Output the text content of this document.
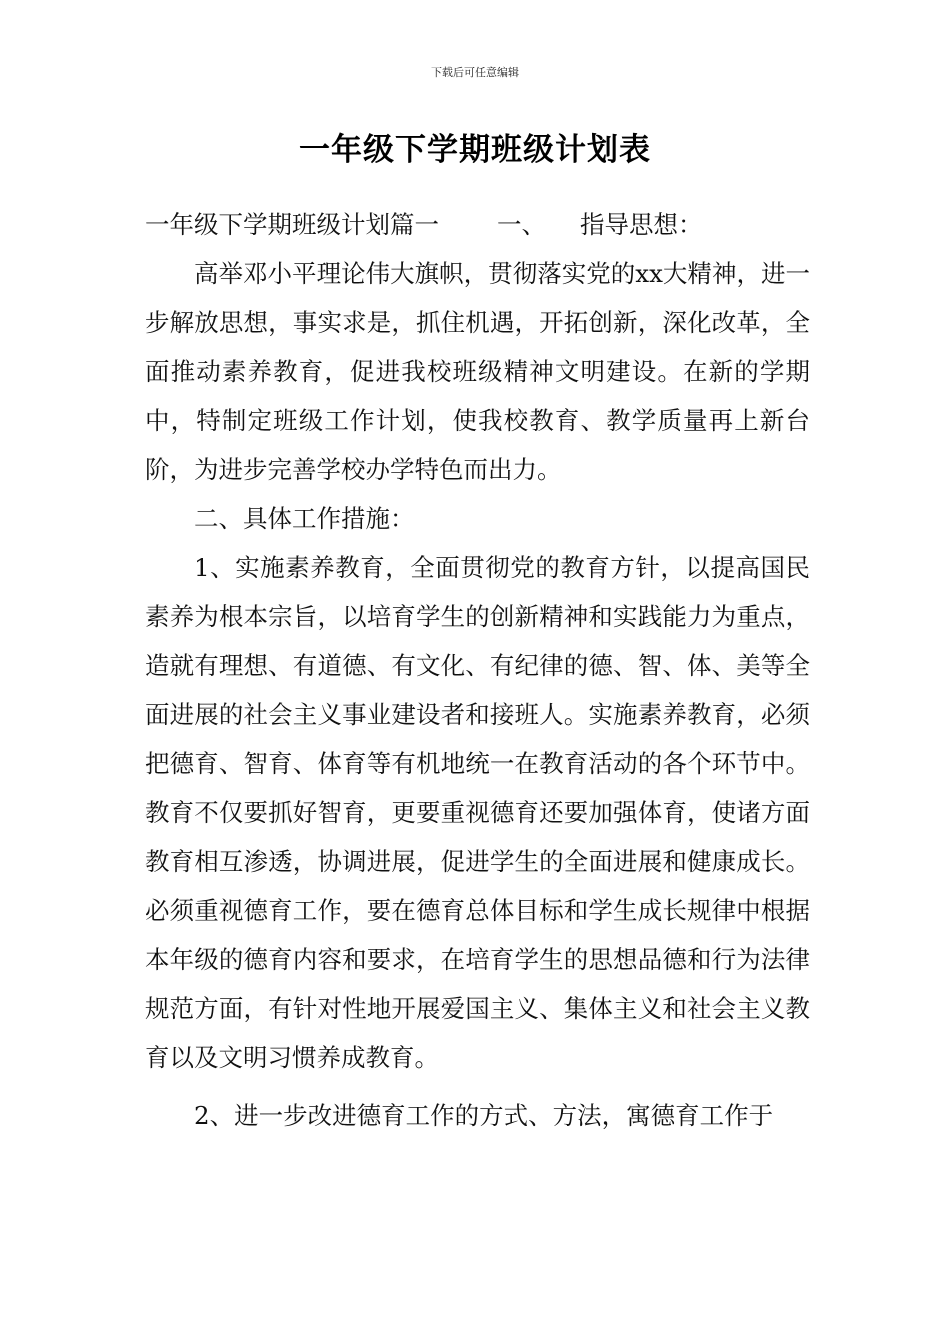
下载后可任意编辑
一年级下学期班级计划表

一年级下学期班级计划篇一 一、 指导思想：

高举邓小平理论伟大旗帜，贯彻落实党的xx大精神，进一步解放思想，事实求是，抓住机遇，开拓创新，深化改革，全面推动素养教育，促进我校班级精神文明建设。在新的学期中，特制定班级工作计划，使我校教育、教学质量再上新台阶，为进步完善学校办学特色而出力。

二、具体工作措施：

1、实施素养教育，全面贯彻党的教育方针，以提高国民素养为根本宗旨，以培育学生的创新精神和实践能力为重点，造就有理想、有道德、有文化、有纪律的德、智、体、美等全面进展的社会主义事业建设者和接班人。实施素养教育，必须把德育、智育、体育等有机地统一在教育活动的各个环节中。教育不仅要抓好智育，更要重视德育还要加强体育，使诸方面教育相互渗透，协调进展，促进学生的全面进展和健康成长。必须重视德育工作，要在德育总体目标和学生成长规律中根据本年级的德育内容和要求，在培育学生的思想品德和行为法律规范方面，有针对性地开展爱国主义、集体主义和社会主义教育以及文明习惯养成教育。

2、进一步改进德育工作的方式、方法，寓德育工作于
